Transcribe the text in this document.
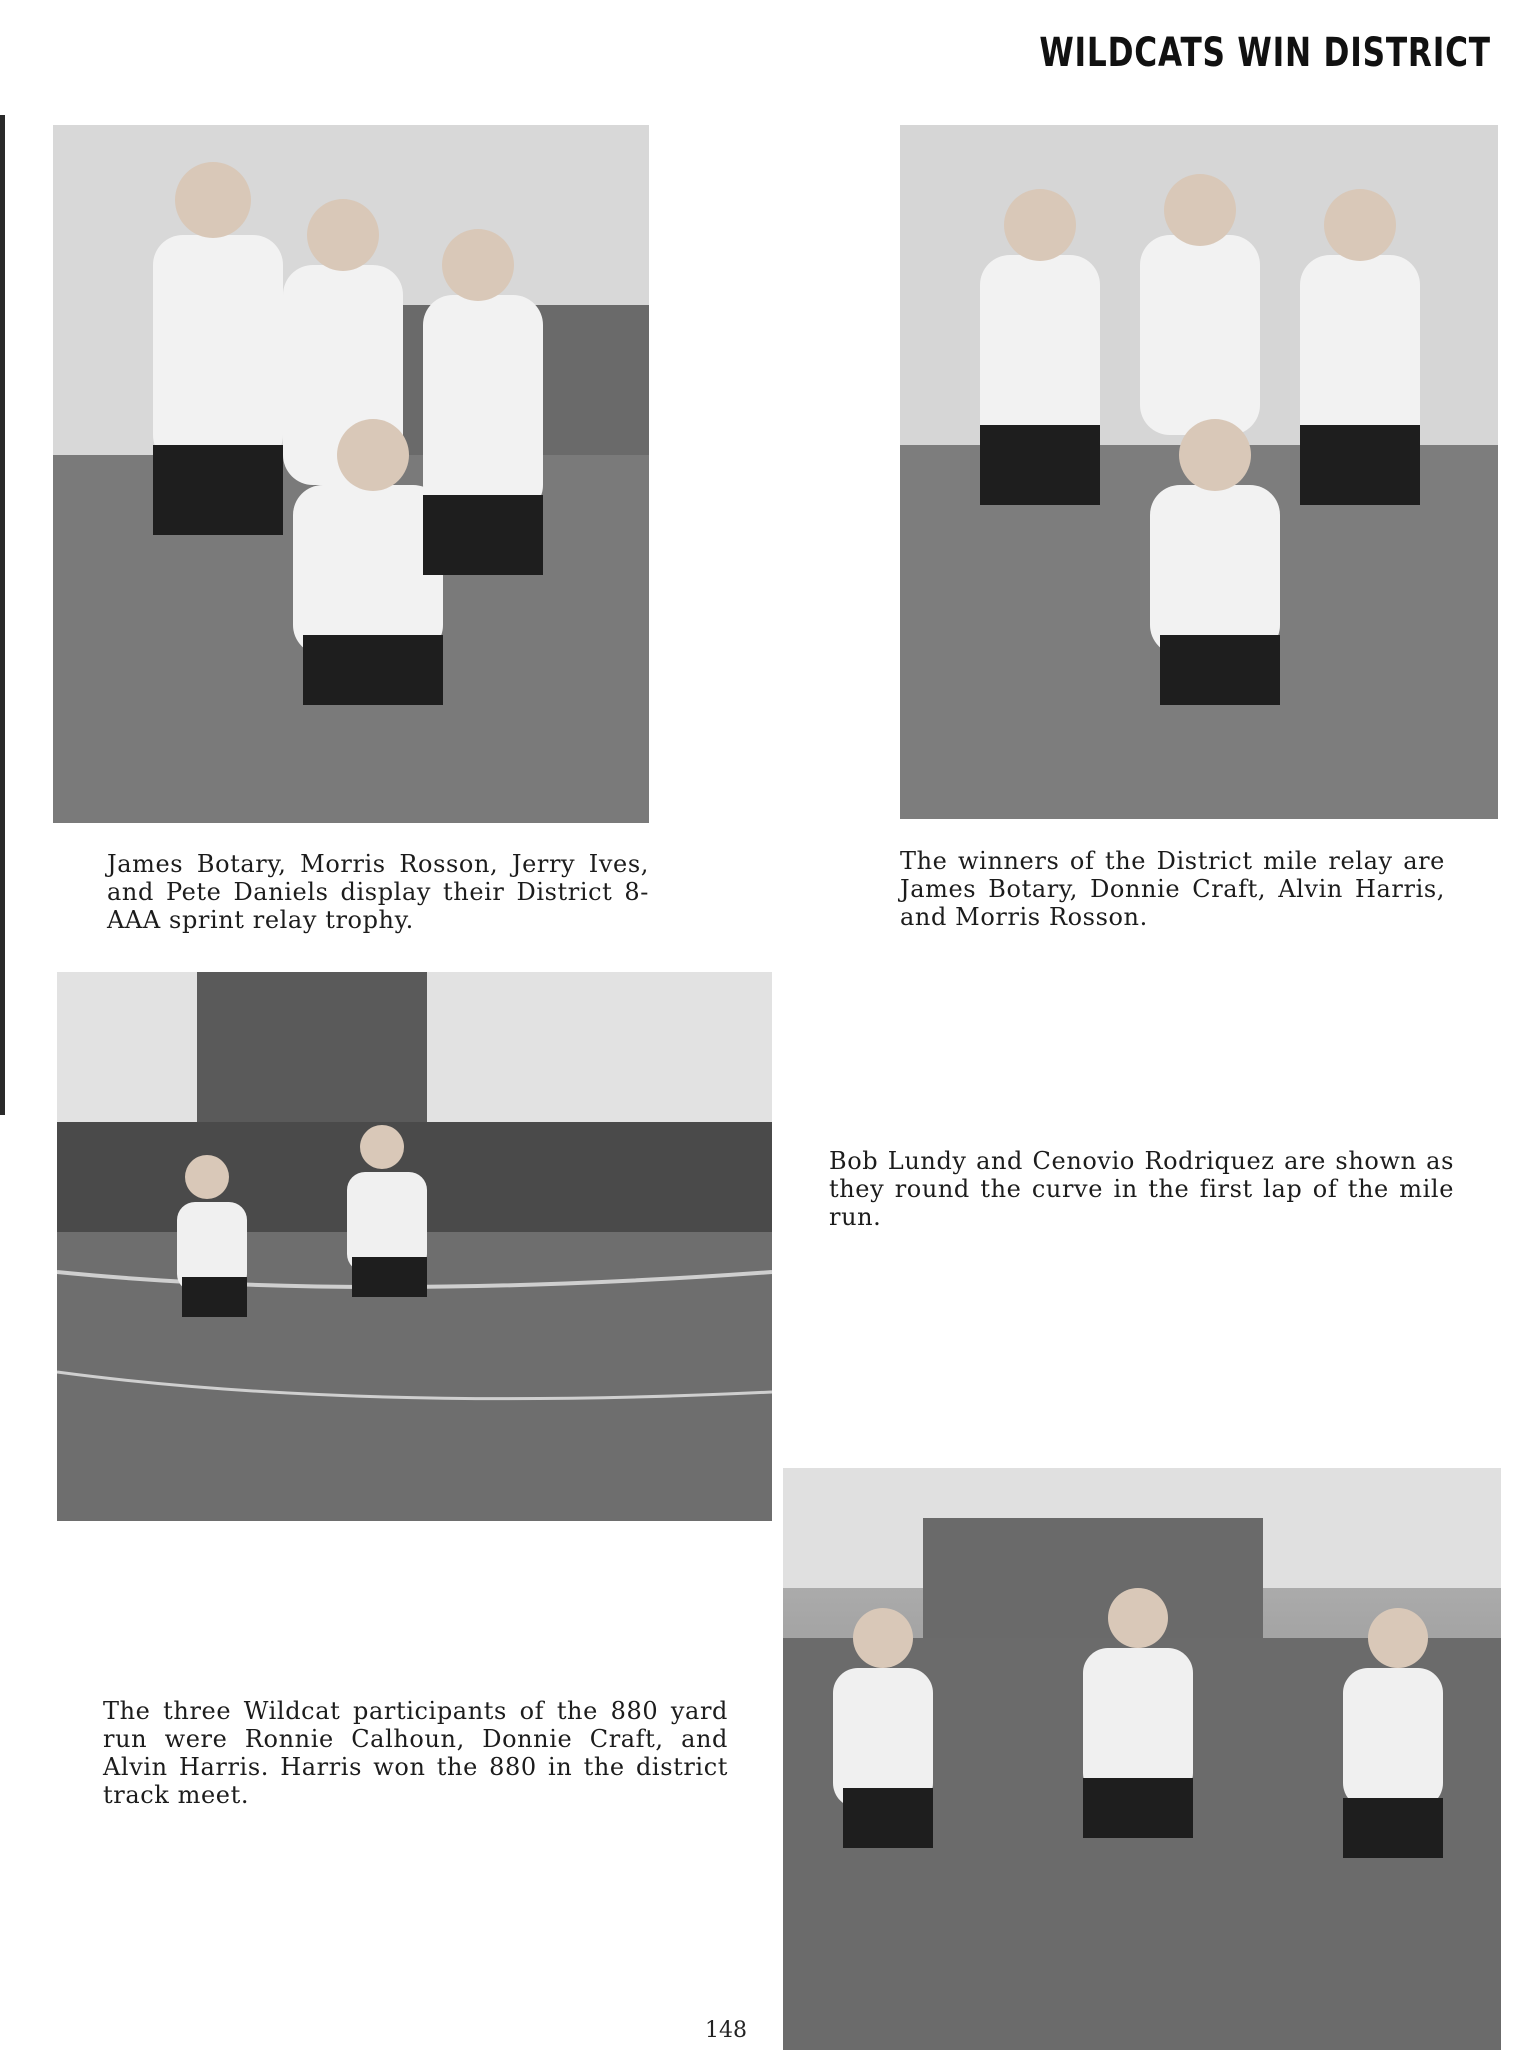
WILDCATS WIN DISTRICT
James Botary, Morris Rosson, Jerry Ives, and Pete Daniels display their District 8-AAA sprint relay trophy.
The winners of the District mile relay are James Botary, Donnie Craft, Alvin Harris, and Morris Rosson.
Bob Lundy and Cenovio Rodriquez are shown as they round the curve in the first lap of the mile run.
The three Wildcat participants of the 880 yard run were Ronnie Calhoun, Donnie Craft, and Alvin Harris. Harris won the 880 in the district track meet.
148
